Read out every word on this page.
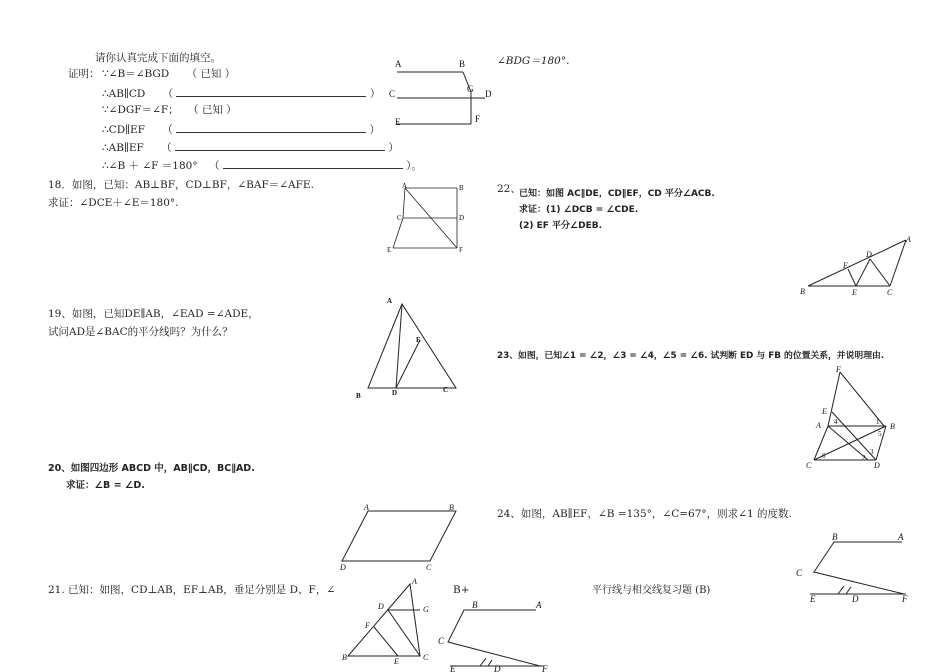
请你认真完成下面的填空。
证明： ∵∠B＝∠BGD （ 已知 ）
∴AB∥CD （	）
∵∠DGF＝∠F； （ 已知 ）
∴CD∥EF （	）
∴AB∥EF （	）
∴∠B ＋ ∠F ＝180° （	）。
A	B
C	G D
E	F
∠BDG＝180°.
18．如图，已知：AB⊥BF，CD⊥BF，∠BAF＝∠AFE.
求证：∠DCE＋∠E＝180°.
A	B
C	D
E	F
19、如图，已知DE∥AB，∠EAD =∠ADE，
试问AD是∠BAC的平分线吗？为什么？
A
B	D
E
C
20、如图四边形 ABCD 中，AB∥CD，BC∥AD.
求证：∠B = ∠D.
A	B
C
D
21. 已知：如图，CD⊥AB，EF⊥AB，垂足分别是 D、F，∠	B+
A
D	G
F
B	E	C
B	A
C
E	D	F
平行线与相交线复习题 (B)
22、
已知：如图 AC∥DE，CD∥EF，CD 平分∠ACB.
求证：(1) ∠DCB = ∠CDE.
(2) EF 平分∠DEB.
B
A
D
F
E	C
23、如图，已知∠1 = ∠2，∠3 = ∠4，∠5 = ∠6. 试判断 ED 与 FB 的位置关系，并说明理由.
F
E
A	B
C	D
1
2
3
4
5
6
24、如图，AB∥EF，∠B =135°，∠C=67°，则求∠1 的度数.
B	A
C
E	D	F
